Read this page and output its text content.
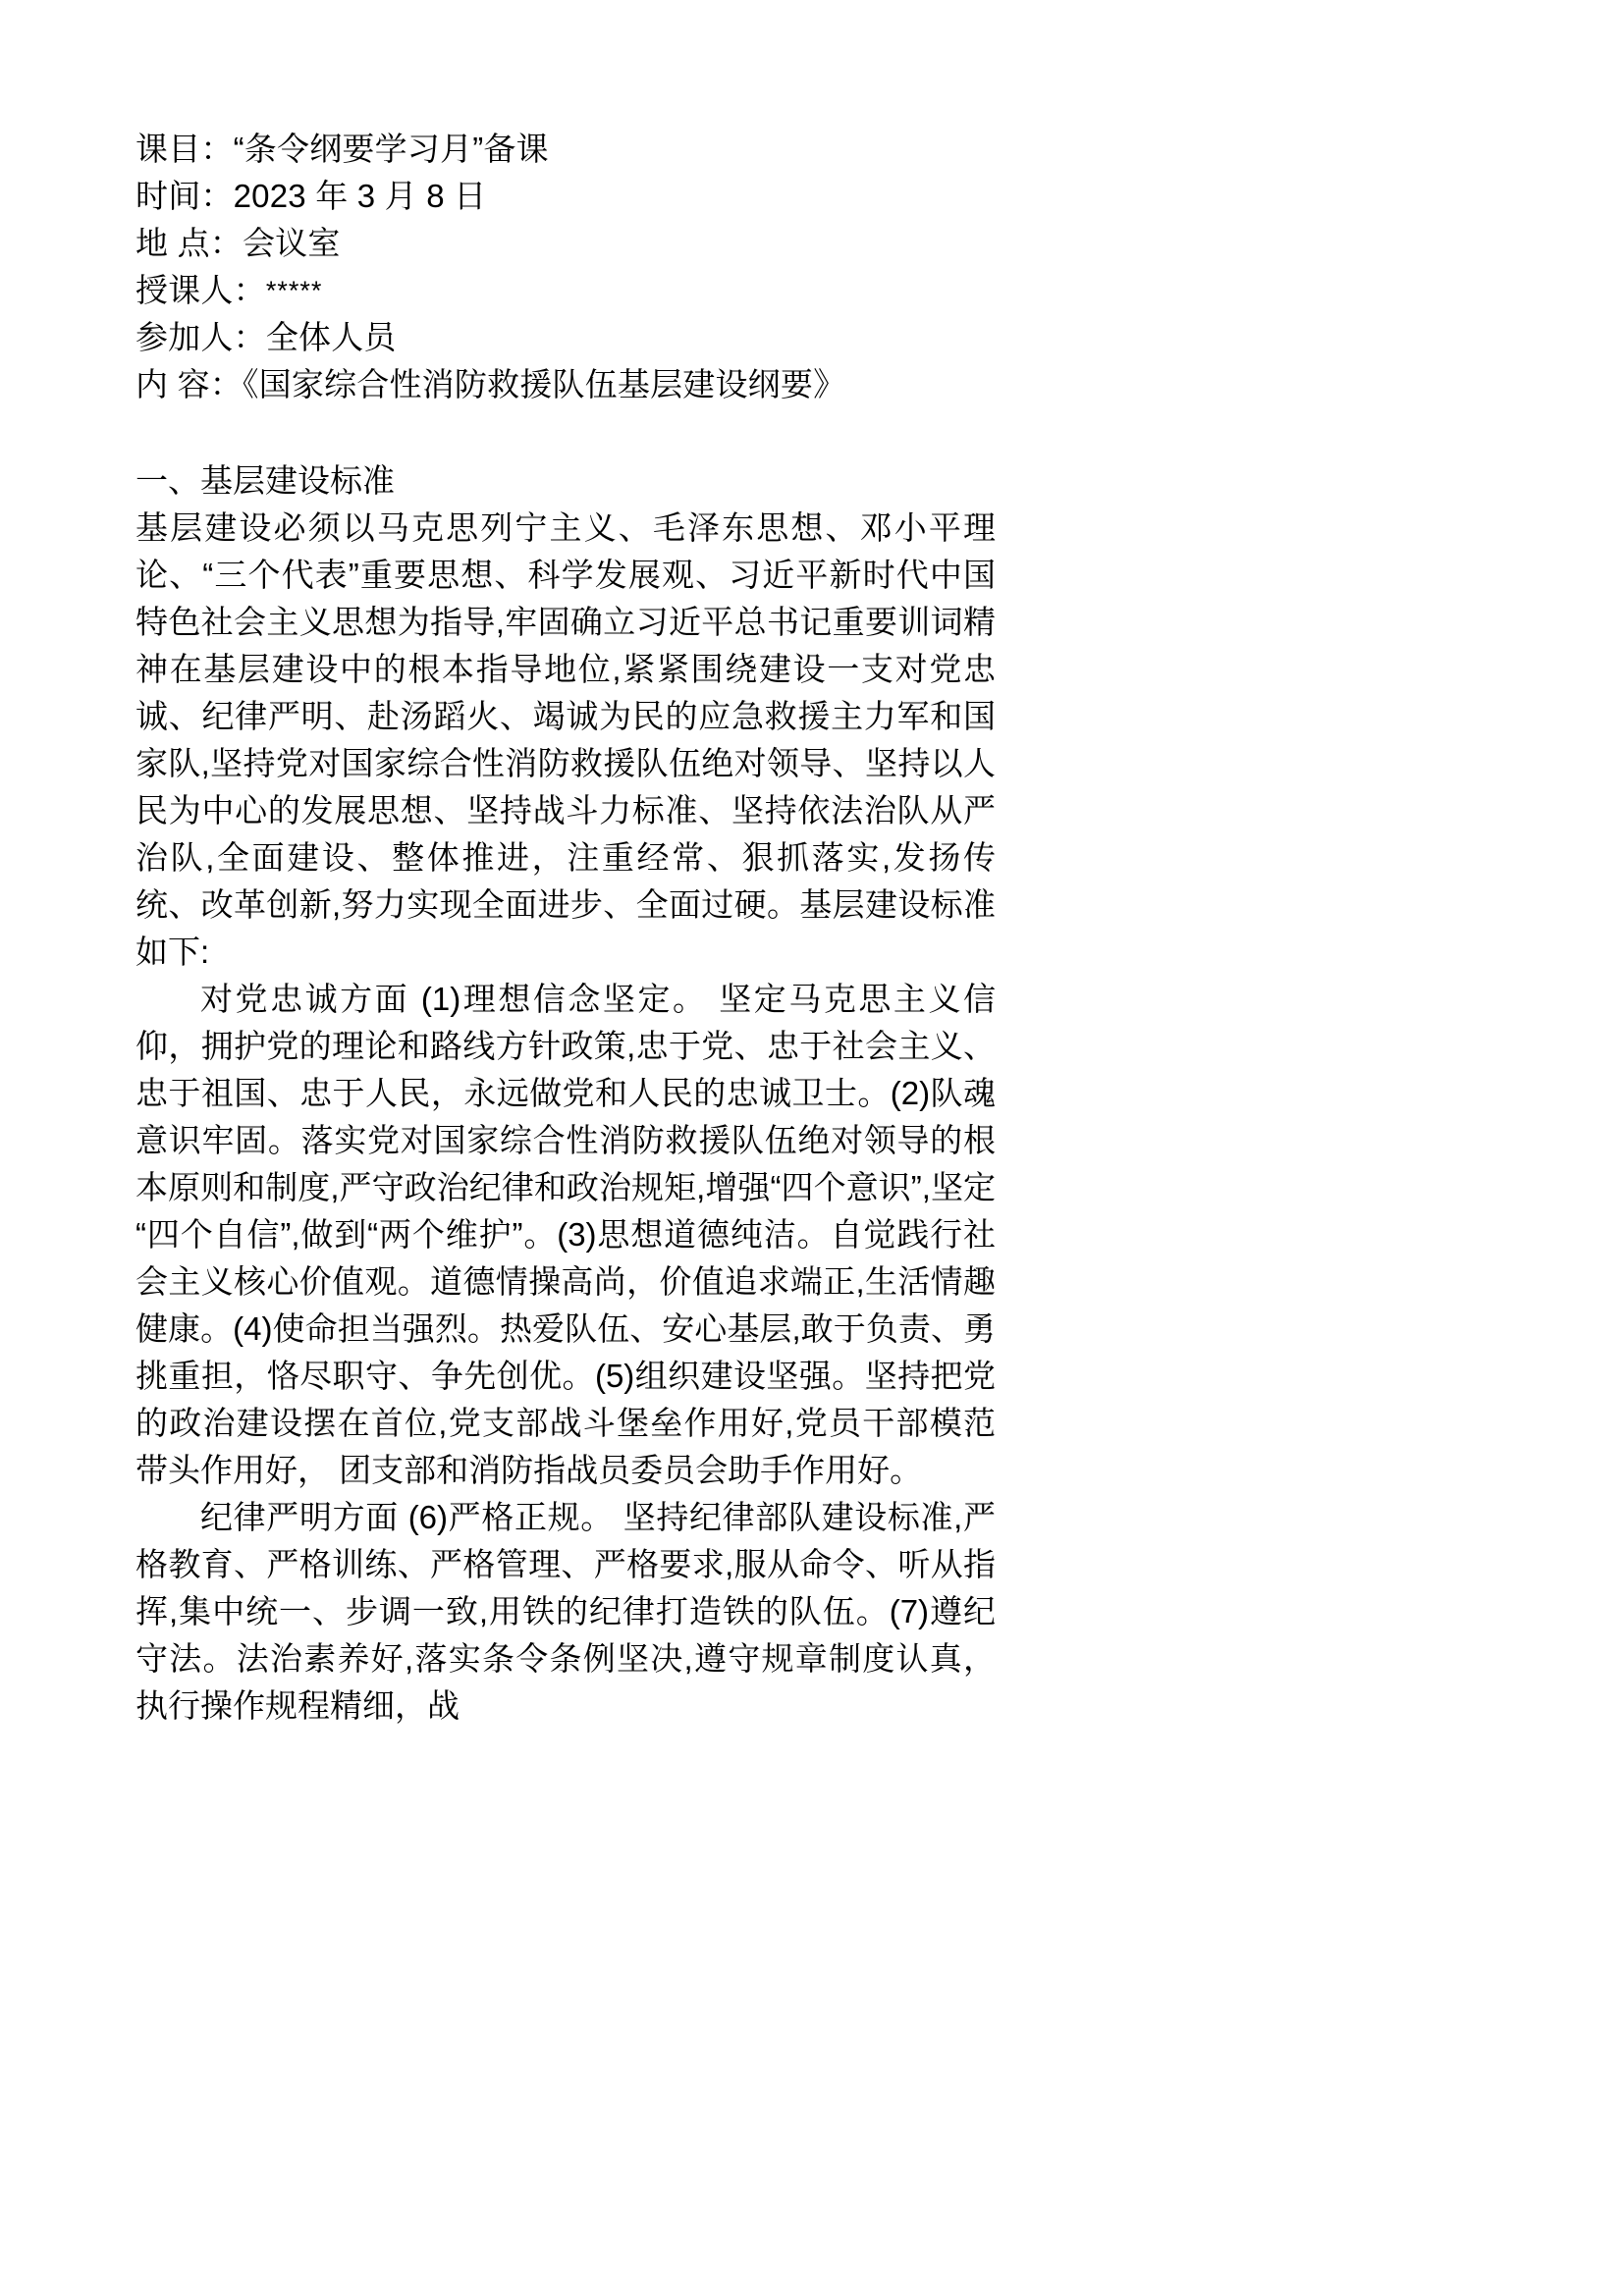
课目：“条令纲要学习月”备课
时间：2023 年 3 月 8 日
地 点：会议室
授课人：*****
参加人：全体人员
内 容：《国家综合性消防救援队伍基层建设纲要》
一、基层建设标准

基层建设必须以马克思列宁主义、毛泽东思想、邓小平理论、“三个代表”重要思想、科学发展观、习近平新时代中国特色社会主义思想为指导,牢固确立习近平总书记重要训词精神在基层建设中的根本指导地位,紧紧围绕建设一支对党忠诚、纪律严明、赴汤蹈火、竭诚为民的应急救援主力军和国家队,坚持党对国家综合性消防救援队伍绝对领导、坚持以人民为中心的发展思想、坚持战斗力标准、坚持依法治队从严治队,全面建设、整体推进，注重经常、狠抓落实,发扬传统、改革创新,努力实现全面进步、全面过硬。基层建设标准如下:

对党忠诚方面 (1)理想信念坚定。 坚定马克思主义信仰，拥护党的理论和路线方针政策,忠于党、忠于社会主义、忠于祖国、忠于人民，永远做党和人民的忠诚卫士。(2)队魂意识牢固。落实党对国家综合性消防救援队伍绝对领导的根本原则和制度,严守政治纪律和政治规矩,增强“四个意识”,坚定“四个自信”,做到“两个维护”。(3)思想道德纯洁。自觉践行社会主义核心价值观。道德情操高尚，价值追求端正,生活情趣健康。(4)使命担当强烈。热爱队伍、安心基层,敢于负责、勇挑重担，恪尽职守、争先创优。(5)组织建设坚强。坚持把党的政治建设摆在首位,党支部战斗堡垒作用好,党员干部模范带头作用好， 团支部和消防指战员委员会助手作用好。

纪律严明方面 (6)严格正规。 坚持纪律部队建设标准,严格教育、严格训练、严格管理、严格要求,服从命令、听从指挥,集中统一、步调一致,用铁的纪律打造铁的队伍。(7)遵纪守法。法治素养好,落实条令条例坚决,遵守规章制度认真，执行操作规程精细，战
